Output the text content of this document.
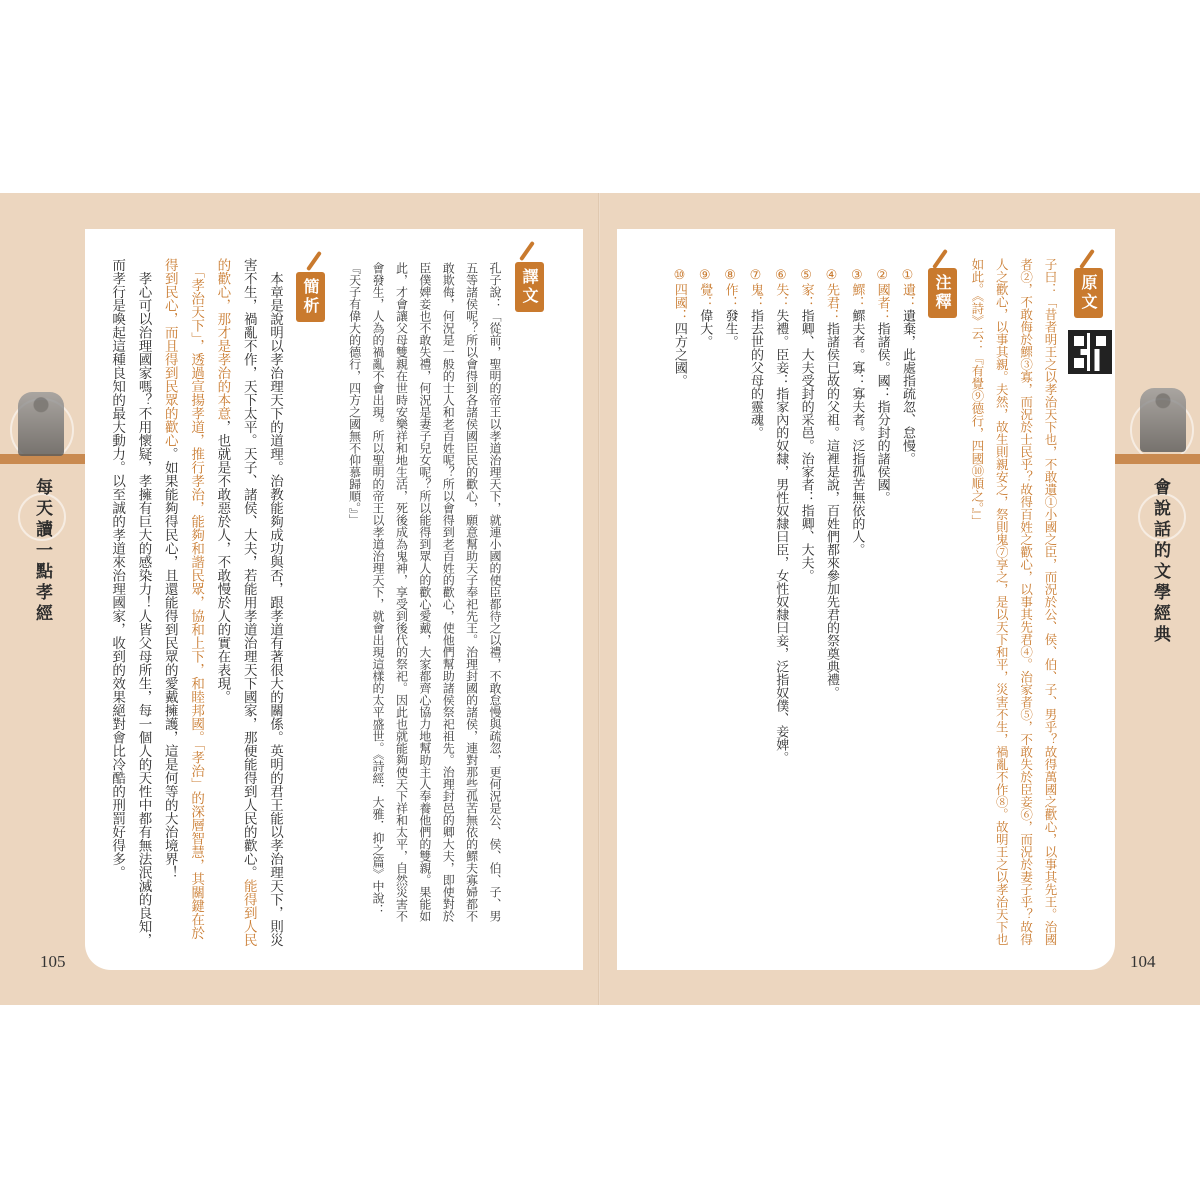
每天讀一點孝經	會說話的文學經典
105	104
原文
子曰：「昔者明王之以孝治天下也，不敢遺①小國之臣，而況於公、侯、伯、子、男乎？故得萬國之歡心，以事其先王。治國者②，不敢侮於鰥③寡，而況於士民乎？故得百姓之歡心，以事其先君④。治家者⑤，不敢失於臣妾⑥，而況於妻子乎？故得人之歡心，以事其親。夫然，故生則親安之，祭則鬼⑦享之，是以天下和平，災害不生，禍亂不作⑧。故明王之以孝治天下也如此。《詩》云：『有覺⑨德行，四國⑩順之。』」
注釋

①遺：遺棄，此處指疏忽、怠慢。

②國者：指諸侯。國：指分封的諸侯國。

③鰥：鰥夫者。寡：寡夫者。泛指孤苦無依的人。

④先君：指諸侯已故的父祖。這裡是說，百姓們都來參加先君的祭奠典禮。

⑤家：指卿、大夫受封的采邑。治家者：指卿、大夫。

⑥失：失禮。臣妾：指家內的奴隸，男性奴隸曰臣，女性奴隸曰妾，泛指奴僕、妾婢。

⑦鬼：指去世的父母的靈魂。

⑧作：發生。

⑨覺：偉大。

⑩四國：四方之國。

譯文

孔子說：「從前，聖明的帝王以孝道治理天下，就連小國的使臣都待之以禮，不敢怠慢與疏忽，更何況是公、侯、伯、子、男五等諸侯呢？所以會得到各諸侯國臣民的歡心，願意幫助天子奉祀先王。治理封國的諸侯，連對那些孤苦無依的鰥夫寡婦都不敢欺侮，何況是一般的士人和老百姓呢？所以會得到老百姓的歡心，使他們幫助諸侯祭祀祖先。治理封邑的卿大夫，即使對於臣僕婢妾也不敢失禮，何況是妻子兒女呢？所以能得到眾人的歡心愛戴，大家都齊心協力地幫助主人奉養他們的雙親。果能如此，才會讓父母雙親在世時安樂祥和地生活，死後成為鬼神，享受到後代的祭祀。因此也就能夠使天下祥和太平，自然災害不會發生，人為的禍亂不會出現。所以聖明的帝王以孝道治理天下，就會出現這樣的太平盛世。《詩經．大雅．抑之篇》中說：『天子有偉大的德行，四方之國無不仰慕歸順。』」

簡析

　本章是說明以孝治理天下的道理。治教能夠成功與否，跟孝道有著很大的關係。英明的君王能以孝治理天下，則災害不生，禍亂不作，天下太平。天子、諸侯、大夫，若能用孝道治理天下國家，那便能得到人民的歡心。能得到人民的歡心，那才是孝治的本意，也就是不敢惡於人，不敢慢於人的實在表現。

　「孝治天下」，透過宣揚孝道，推行孝治，能夠和諧民眾，協和上下，和睦邦國。「孝治」的深層智慧，其關鍵在於得到民心，而且得到民眾的歡心。如果能夠得民心，且還能得到民眾的愛戴擁護，這是何等的大治境界！

　孝心可以治理國家嗎？不用懷疑，孝擁有巨大的感染力！人皆父母所生，每一個人的天性中都有無法泯滅的良知，而孝行是喚起這種良知的最大動力。以至誠的孝道來治理國家，收到的效果絕對會比冷酷的刑罰好得多。
